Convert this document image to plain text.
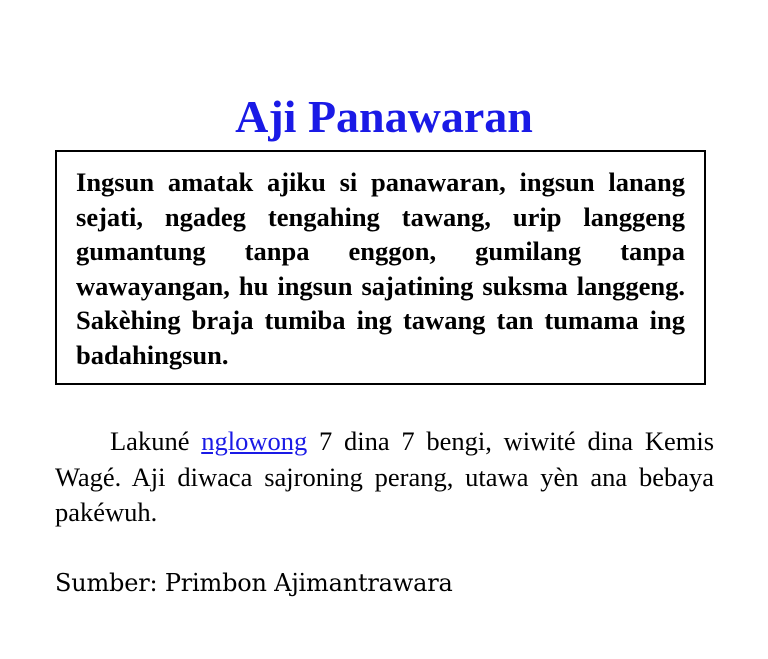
Aji Panawaran

Ingsun amatak ajiku si panawaran, ingsun lanang sejati, ngadeg tengahing tawang, urip langgeng gumantung tanpa enggon, gumilang tanpa wawayangan, hu ingsun sajatining suksma langgeng. Sakèhing braja tumiba ing tawang tan tumama ing badahingsun.

Lakuné nglowong 7 dina 7 bengi, wiwité dina Kemis Wagé. Aji diwaca sajroning perang, utawa yèn ana bebaya pakéwuh.

Sumber: Primbon Ajimantrawara
